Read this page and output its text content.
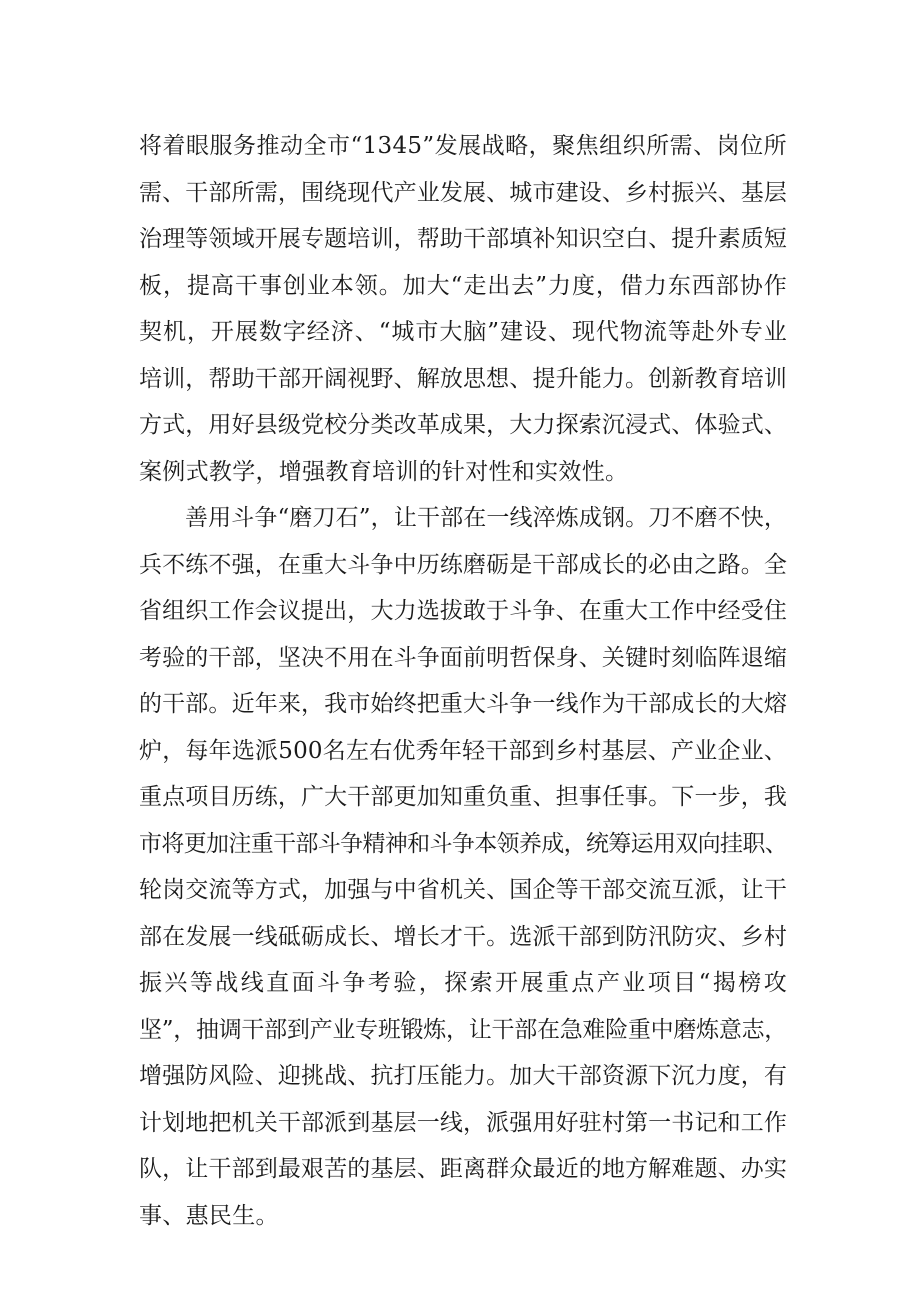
将着眼服务推动全市“1345”发展战略，聚焦组织所需、岗位所
需、干部所需，围绕现代产业发展、城市建设、乡村振兴、基层
治理等领域开展专题培训，帮助干部填补知识空白、提升素质短
板，提高干事创业本领。加大“走出去”力度，借力东西部协作
契机，开展数字经济、“城市大脑”建设、现代物流等赴外专业
培训，帮助干部开阔视野、解放思想、提升能力。创新教育培训
方式，用好县级党校分类改革成果，大力探索沉浸式、体验式、
案例式教学，增强教育培训的针对性和实效性。
善用斗争“磨刀石”，让干部在一线淬炼成钢。刀不磨不快，
兵不练不强，在重大斗争中历练磨砺是干部成长的必由之路。全
省组织工作会议提出，大力选拔敢于斗争、在重大工作中经受住
考验的干部，坚决不用在斗争面前明哲保身、关键时刻临阵退缩
的干部。近年来，我市始终把重大斗争一线作为干部成长的大熔
炉，每年选派500名左右优秀年轻干部到乡村基层、产业企业、
重点项目历练，广大干部更加知重负重、担事任事。下一步，我
市将更加注重干部斗争精神和斗争本领养成，统筹运用双向挂职、
轮岗交流等方式，加强与中省机关、国企等干部交流互派，让干
部在发展一线砥砺成长、增长才干。选派干部到防汛防灾、乡村
振兴等战线直面斗争考验，探索开展重点产业项目“揭榜攻
坚”，抽调干部到产业专班锻炼，让干部在急难险重中磨炼意志，
增强防风险、迎挑战、抗打压能力。加大干部资源下沉力度，有
计划地把机关干部派到基层一线，派强用好驻村第一书记和工作
队，让干部到最艰苦的基层、距离群众最近的地方解难题、办实
事、惠民生。
